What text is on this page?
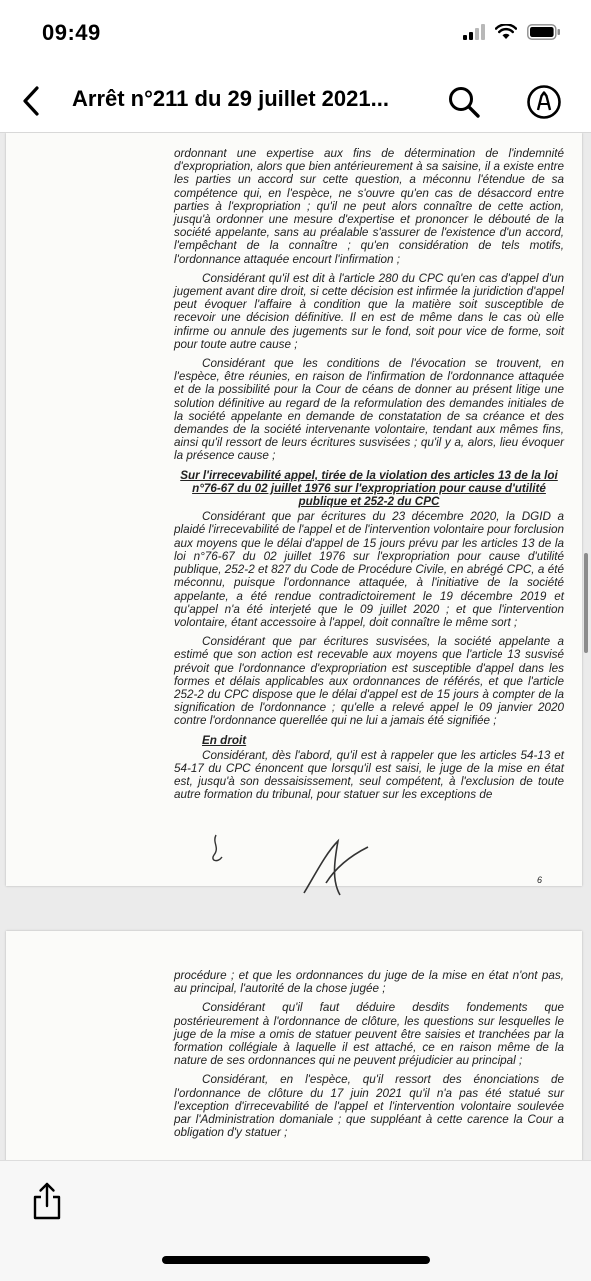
09:49
Arrêt n°211 du 29 juillet 2021...

ordonnant une expertise aux fins de détermination de l'indemnité d'expropriation, alors que bien antérieurement à sa saisine, il a existe entre les parties un accord sur cette question, a méconnu l'étendue de sa compétence qui, en l'espèce, ne s'ouvre qu'en cas de désaccord entre parties à l'expropriation ; qu'il ne peut alors connaître de cette action, jusqu'à ordonner une mesure d'expertise et prononcer le débouté de la société appelante, sans au préalable s'assurer de l'existence d'un accord, l'empêchant de la connaître ; qu'en considération de tels motifs, l'ordonnance attaquée encourt l'infirmation ;

Considérant qu'il est dit à l'article 280 du CPC qu'en cas d'appel d'un jugement avant dire droit, si cette décision est infirmée la juridiction d'appel peut évoquer l'affaire à condition que la matière soit susceptible de recevoir une décision définitive. Il en est de même dans le cas où elle infirme ou annule des jugements sur le fond, soit pour vice de forme, soit pour toute autre cause ;

Considérant que les conditions de l'évocation se trouvent, en l'espèce, être réunies, en raison de l'infirmation de l'ordonnance attaquée et de la possibilité pour la Cour de céans de donner au présent litige une solution définitive au regard de la reformulation des demandes initiales de la société appelante en demande de constatation de sa créance et des demandes de la société intervenante volontaire, tendant aux mêmes fins, ainsi qu'il ressort de leurs écritures susvisées ; qu'il y a, alors, lieu évoquer la présence cause ;

Sur l'irrecevabilité appel, tirée de la violation des articles 13 de la loi n°76-67 du 02 juillet 1976 sur l'expropriation pour cause d'utilité publique et 252-2 du CPC

Considérant que par écritures du 23 décembre 2020, la DGID a plaidé l'irrecevabilité de l'appel et de l'intervention volontaire pour forclusion aux moyens que le délai d'appel de 15 jours prévu par les articles 13 de la loi n°76-67 du 02 juillet 1976 sur l'expropriation pour cause d'utilité publique, 252-2 et 827 du Code de Procédure Civile, en abrégé CPC, a été méconnu, puisque l'ordonnance attaquée, à l'initiative de la société appelante, a été rendue contradictoirement le 19 décembre 2019 et qu'appel n'a été interjeté que le 09 juillet 2020 ; et que l'intervention volontaire, étant accessoire à l'appel, doit connaître le même sort ;

Considérant que par écritures susvisées, la société appelante a estimé que son action est recevable aux moyens que l'article 13 susvisé prévoit que l'ordonnance d'expropriation est susceptible d'appel dans les formes et délais applicables aux ordonnances de référés, et que l'article 252-2 du CPC dispose que le délai d'appel est de 15 jours à compter de la signification de l'ordonnance ; qu'elle a relevé appel le 09 janvier 2020 contre l'ordonnance querellée qui ne lui a jamais été signifiée ;

En droit

Considérant, dès l'abord, qu'il est à rappeler que les articles 54-13 et 54-17 du CPC énoncent que lorsqu'il est saisi, le juge de la mise en état est, jusqu'à son dessaisissement, seul compétent, à l'exclusion de toute autre formation du tribunal, pour statuer sur les exceptions de

6

procédure ; et que les ordonnances du juge de la mise en état n'ont pas, au principal, l'autorité de la chose jugée ;

Considérant qu'il faut déduire desdits fondements que postérieurement à l'ordonnance de clôture, les questions sur lesquelles le juge de la mise a omis de statuer peuvent être saisies et tranchées par la formation collégiale à laquelle il est attaché, ce en raison même de la nature de ses ordonnances qui ne peuvent préjudicier au principal ;

Considérant, en l'espèce, qu'il ressort des énonciations de l'ordonnance de clôture du 17 juin 2021 qu'il n'a pas été statué sur l'exception d'irrecevabilité de l'appel et l'intervention volontaire soulevée par l'Administration domaniale ; que suppléant à cette carence la Cour a obligation d'y statuer ;
